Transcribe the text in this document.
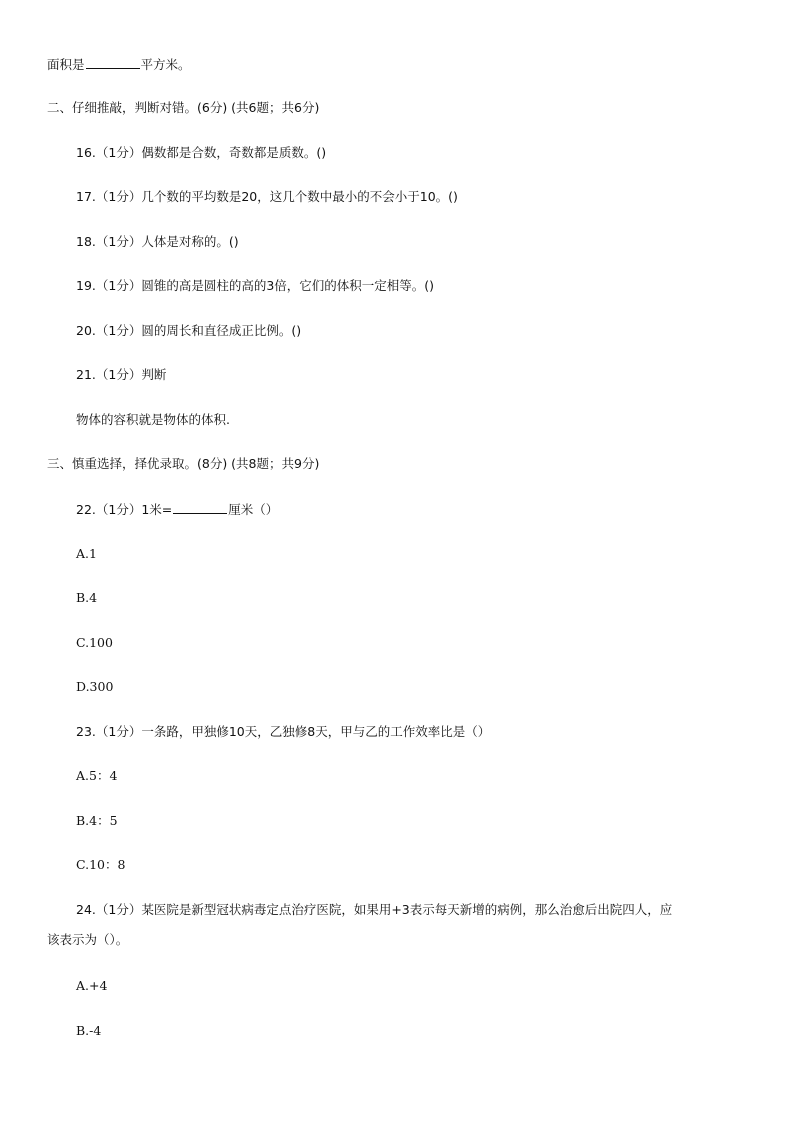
面积是	平方米。
二、仔细推敲，判断对错。(6分) (共6题；共6分)
16.（1分）偶数都是合数，奇数都是质数。()
17.（1分）几个数的平均数是20，这几个数中最小的不会小于10。()
18.（1分）人体是对称的。()
19.（1分）圆锥的高是圆柱的高的3倍，它们的体积一定相等。()
20.（1分）圆的周长和直径成正比例。()
21.（1分）判断
物体的容积就是物体的体积.
三、慎重选择，择优录取。(8分) (共8题；共9分)
22.（1分）1米=	厘米（）
A.1
B.4
C.100
D.300
23.（1分）一条路，甲独修10天，乙独修8天，甲与乙的工作效率比是（）
A.5：4
B.4：5
C.10：8
24.（1分）某医院是新型冠状病毒定点治疗医院，如果用+3表示每天新增的病例，那么治愈后出院四人，应
该表示为（）。
A.+4
B.-4
